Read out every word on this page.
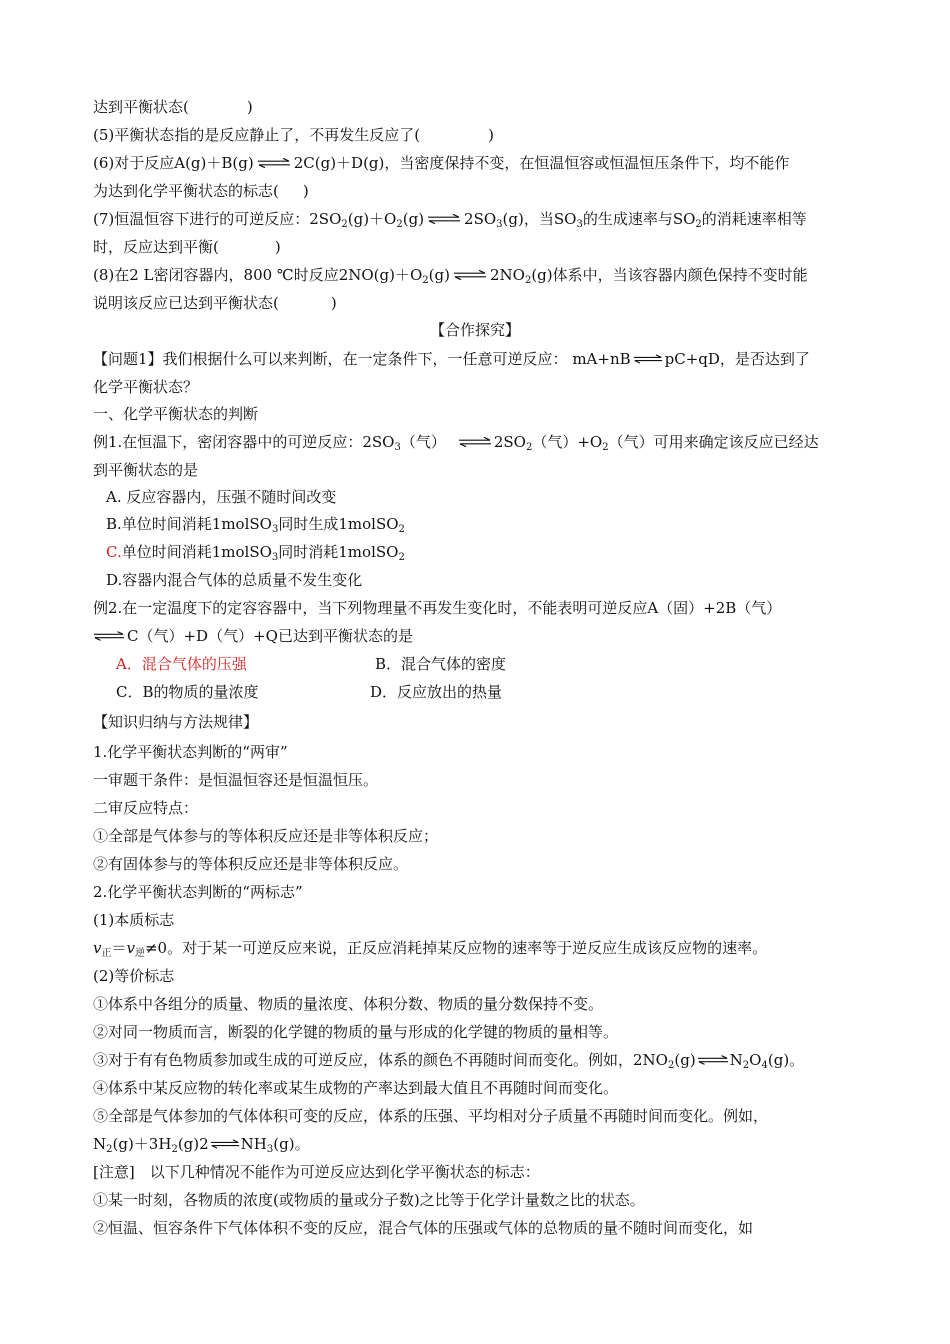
达到平衡状态(	)
(5)平衡状态指的是反应静止了，不再发生反应了(	)
(6)对于反应A(g)＋B(g)	2C(g)＋D(g)，当密度保持不变，在恒温恒容或恒温恒压条件下，均不能作
为达到化学平衡状态的标志( )
(7)恒温恒容下进行的可逆反应：$2SO_2(g)+O_2(g)$	$2SO_3(g)$，当$SO_3$的生成速率与$SO_2$的消耗速率相等
时，反应达到平衡(	)
(8)在2 L密闭容器内，800 ℃时反应$2NO(g)+O_2(g)$	$2NO_2(g)$体系中，当该容器内颜色保持不变时能
说明该反应已达到平衡状态(	)
【合作探究】
【问题1】我们根据什么可以来判断，在一定条件下，一任意可逆反应： mA+nB pC+qD，是否达到了
化学平衡状态？
一、化学平衡状态的判断
例1.在恒温下，密闭容器中的可逆反应：$2SO_3$（气）	$2SO_2$（气）$+O_2$（气）可用来确定该反应已经达
到平衡状态的是
A. 反应容器内，压强不随时间改变
B.单位时间消耗1molSO$_3$同时生成1molSO$_2$
C.单位时间消耗1molSO$_3$同时消耗1molSO$_2$
D.容器内混合气体的总质量不发生变化
例2.在一定温度下的定容容器中，当下列物理量不再发生变化时，不能表明可逆反应A（固）+2B（气）
C（气）+D（气）+Q已达到平衡状态的是
A．混合气体的压强	B．混合气体的密度
C．B的物质的量浓度	D．反应放出的热量
【知识归纳与方法规律】
1.化学平衡状态判断的“两审”
一审题干条件：是恒温恒容还是恒温恒压。
二审反应特点：
①全部是气体参与的等体积反应还是非等体积反应；
②有固体参与的等体积反应还是非等体积反应。
2.化学平衡状态判断的“两标志”
(1)本质标志
$v_正=v_逆\ne 0$。对于某一可逆反应来说，正反应消耗掉某反应物的速率等于逆反应生成该反应物的速率。
(2)等价标志
①体系中各组分的质量、物质的量浓度、体积分数、物质的量分数保持不变。
②对同一物质而言，断裂的化学键的物质的量与形成的化学键的物质的量相等。
③对于有有色物质参加或生成的可逆反应，体系的颜色不再随时间而变化。例如，$2NO_2(g)$ $N_2O_4(g)$。
④体系中某反应物的转化率或某生成物的产率达到最大值且不再随时间而变化。
⑤全部是气体参加的气体体积可变的反应，体系的压强、平均相对分子质量不再随时间而变化。例如，
$N_2(g)+3H_2(g)2$ $NH_3(g)$。
[注意]　以下几种情况不能作为可逆反应达到化学平衡状态的标志：
①某一时刻，各物质的浓度(或物质的量或分子数)之比等于化学计量数之比的状态。
②恒温、恒容条件下气体体积不变的反应，混合气体的压强或气体的总物质的量不随时间而变化，如
